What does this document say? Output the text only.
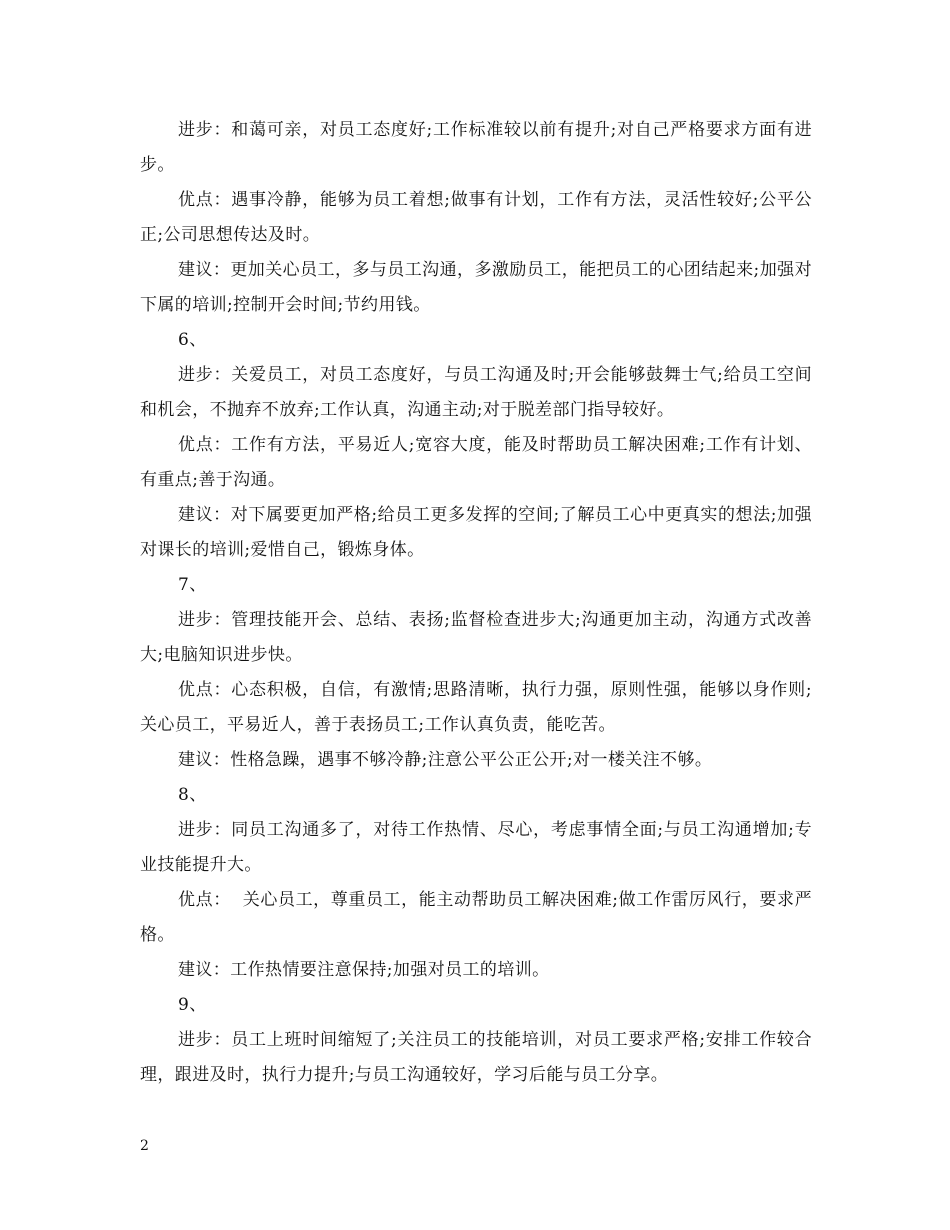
进步：和蔼可亲，对员工态度好;工作标准较以前有提升;对自己严格要求方面有进步。

优点：遇事冷静，能够为员工着想;做事有计划，工作有方法，灵活性较好;公平公正;公司思想传达及时。

建议：更加关心员工，多与员工沟通，多激励员工，能把员工的心团结起来;加强对下属的培训;控制开会时间;节约用钱。

6、

进步：关爱员工，对员工态度好，与员工沟通及时;开会能够鼓舞士气;给员工空间和机会，不抛弃不放弃;工作认真，沟通主动;对于脱差部门指导较好。

优点：工作有方法，平易近人;宽容大度，能及时帮助员工解决困难;工作有计划、有重点;善于沟通。

建议：对下属要更加严格;给员工更多发挥的空间;了解员工心中更真实的想法;加强对课长的培训;爱惜自己，锻炼身体。

7、

进步：管理技能开会、总结、表扬;监督检查进步大;沟通更加主动，沟通方式改善大;电脑知识进步快。

优点：心态积极，自信，有激情;思路清晰，执行力强，原则性强，能够以身作则;关心员工，平易近人，善于表扬员工;工作认真负责，能吃苦。

建议：性格急躁，遇事不够冷静;注意公平公正公开;对一楼关注不够。

8、

进步：同员工沟通多了，对待工作热情、尽心，考虑事情全面;与员工沟通增加;专业技能提升大。

优点：  关心员工，尊重员工，能主动帮助员工解决困难;做工作雷厉风行，要求严格。

建议：工作热情要注意保持;加强对员工的培训。

9、

进步：员工上班时间缩短了;关注员工的技能培训，对员工要求严格;安排工作较合理，跟进及时，执行力提升;与员工沟通较好，学习后能与员工分享。

2
